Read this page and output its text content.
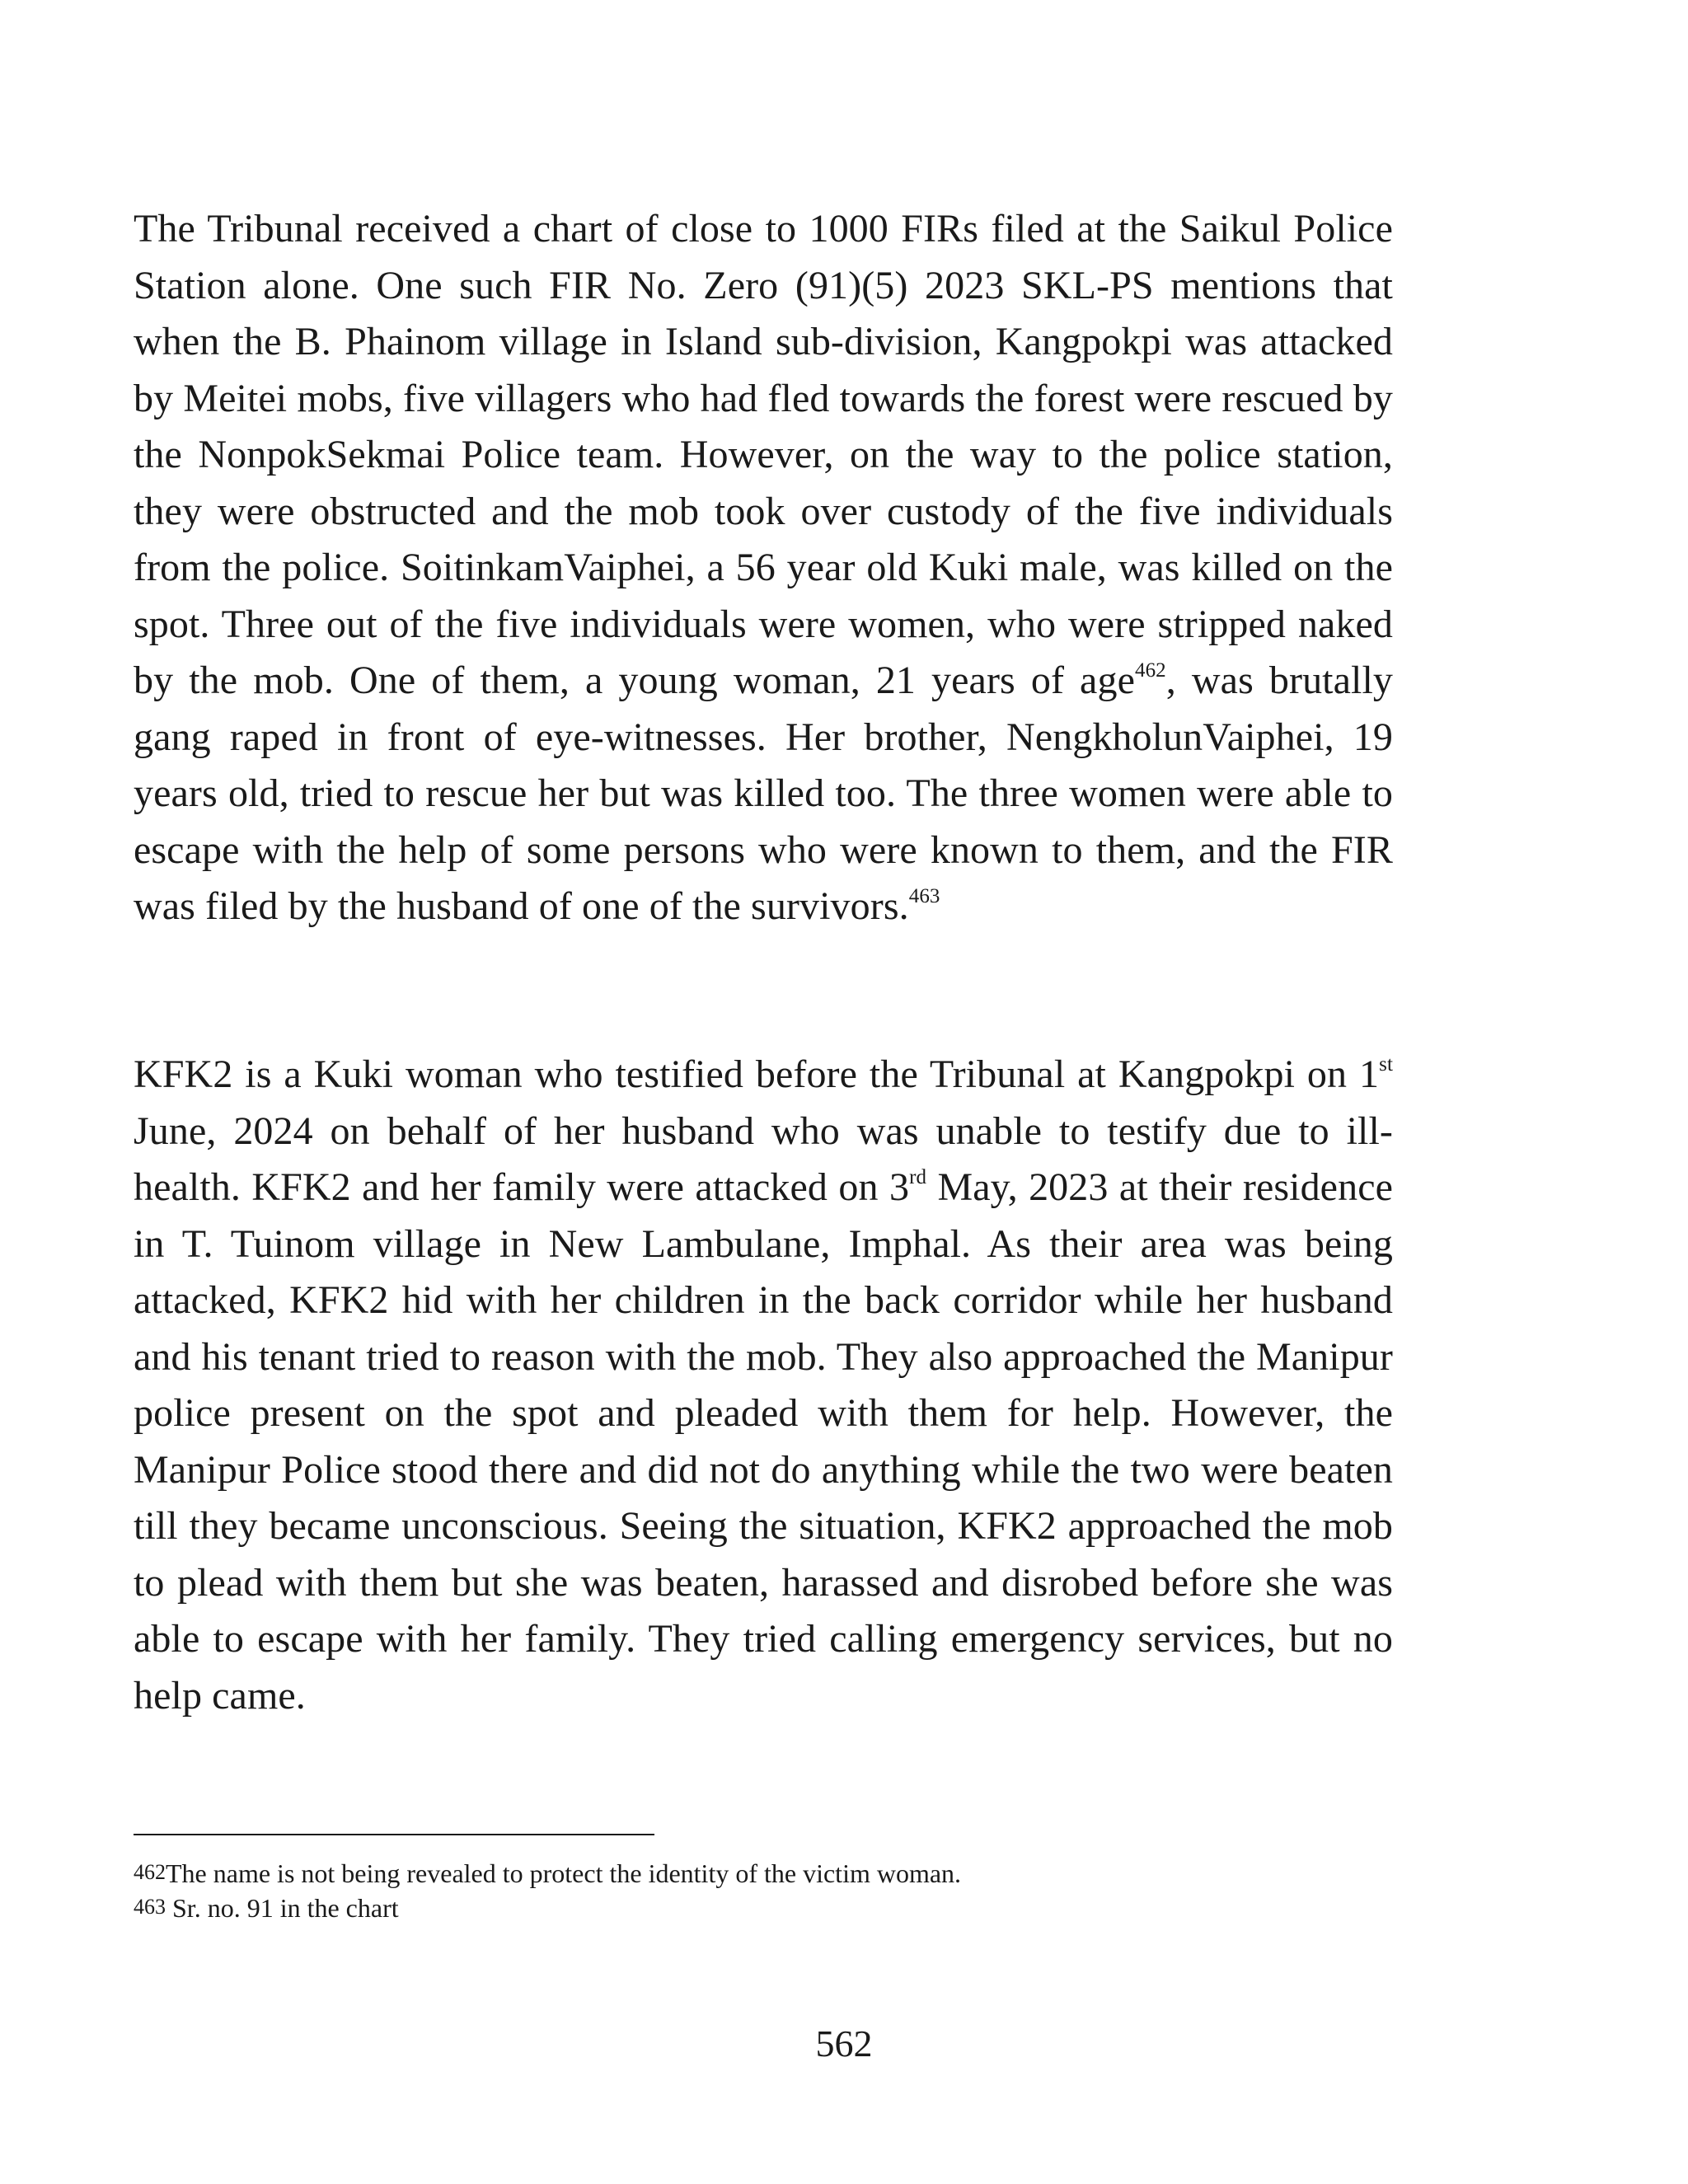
The Tribunal received a chart of close to 1000 FIRs filed at the Saikul Police Station alone. One such FIR No. Zero (91)(5) 2023 SKL-PS mentions that when the B. Phainom village in Island sub-division, Kangpokpi was attacked by Meitei mobs, five villagers who had fled towards the forest were rescued by the NonpokSekmai Police team. However, on the way to the police station, they were obstructed and the mob took over custody of the five individuals from the police. SoitinkamVaiphei, a 56 year old Kuki male, was killed on the spot. Three out of the five individuals were women, who were stripped naked by the mob. One of them, a young woman, 21 years of age$^{462}$, was brutally gang raped in front of eye-witnesses. Her brother, NengkholunVaiphei, 19 years old, tried to rescue her but was killed too. The three women were able to escape with the help of some persons who were known to them, and the FIR was filed by the husband of one of the survivors.$^{463}$

KFK2 is a Kuki woman who testified before the Tribunal at Kangpokpi on 1st June, 2024 on behalf of her husband who was unable to testify due to ill-health. KFK2 and her family were attacked on 3rd May, 2023 at their residence in T. Tuinom village in New Lambulane, Imphal. As their area was being attacked, KFK2 hid with her children in the back corridor while her husband and his tenant tried to reason with the mob. They also approached the Manipur police present on the spot and pleaded with them for help. However, the Manipur Police stood there and did not do anything while the two were beaten till they became unconscious. Seeing the situation, KFK2 approached the mob to plead with them but she was beaten, harassed and disrobed before she was able to escape with her family. They tried calling emergency services, but no help came.

462The name is not being revealed to protect the identity of the victim woman.

463 Sr. no. 91 in the chart

562
